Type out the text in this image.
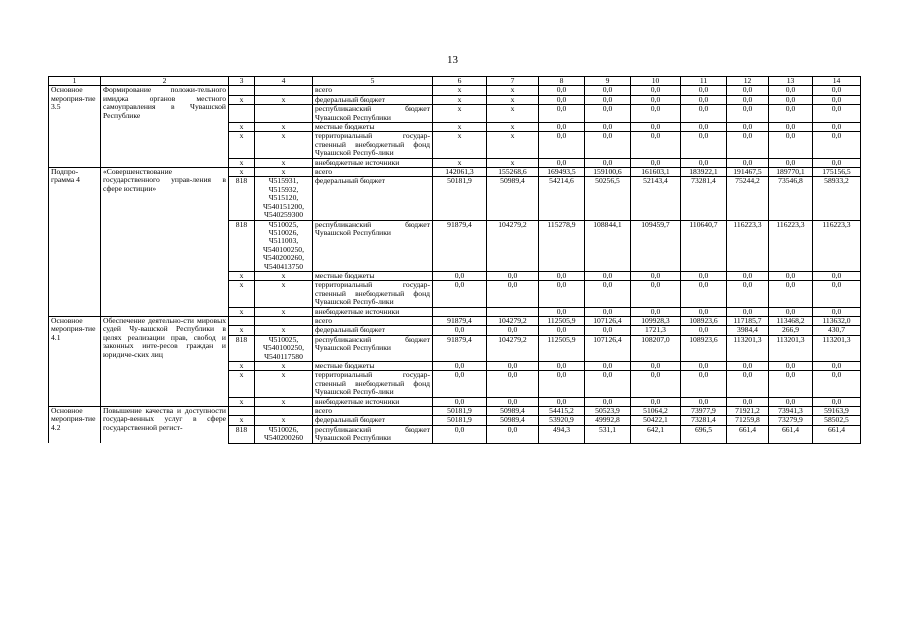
13
1	2	3	4	5	6	7	8	9	10	11	12	13	14
Основное мероприя-тие 3.5	Формирование положи-тельного имиджа органов местного самоуправления в Чувашской Республике			всего	x	x	0,0	0,0	0,0	0,0	0,0	0,0	0,0
		x	x	федеральный бюджет	x	x	0,0	0,0	0,0	0,0	0,0	0,0	0,0
				республиканский бюджет Чувашской Республики	x	x	0,0	0,0	0,0	0,0	0,0	0,0	0,0
		x	x	местные бюджеты	x	x	0,0	0,0	0,0	0,0	0,0	0,0	0,0
		x	x	территориальный государ-ственный внебюджетный фонд Чувашской Респуб-лики	x	x	0,0	0,0	0,0	0,0	0,0	0,0	0,0
		x	x	внебюджетные источники	x	x	0,0	0,0	0,0	0,0	0,0	0,0	0,0
Подпро-грамма 4	«Совершенствование государственного управ-ления в сфере юстиции»	x	x	всего	142061,3	155268,6	169493,5	159100,6	161603,1	183922,1	191467,5	189770,1	175156,5
		818	Ч515931, Ч515932, Ч515120, Ч540151200, Ч540259300	федеральный бюджет	50181,9	50989,4	54214,6	50256,5	52143,4	73281,4	75244,2	73546,8	58933,2
		818	Ч510025, Ч510026, Ч511003, Ч540100250, Ч540200260, Ч540413750	республиканский бюджет Чувашской Республики	91879,4	104279,2	115278,9	108844,1	109459,7	110640,7	116223,3	116223,3	116223,3
		x	x	местные бюджеты	0,0	0,0	0,0	0,0	0,0	0,0	0,0	0,0	0,0
		x	x	территориальный государ-ственный внебюджетный фонд Чувашской Респуб-лики	0,0	0,0	0,0	0,0	0,0	0,0	0,0	0,0	0,0
		x	x	внебюджетные источники			0,0	0,0	0,0	0,0	0,0	0,0	0,0
Основное мероприя-тие 4.1	Обеспечение деятельно-сти мировых судей Чу-вашской Республики в целях реализации прав, свобод и законных инте-ресов граждан и юридиче-ских лиц			всего	91879,4	104279,2	112505,9	107126,4	109928,3	108923,6	117185,7	113468,2	113632,0
		x	x	федеральный бюджет	0,0	0,0	0,0	0,0	1721,3	0,0	3984,4	266,9	430,7
		818	Ч510025, Ч540100250, Ч540117580	республиканский бюджет Чувашской Республики	91879,4	104279,2	112505,9	107126,4	108207,0	108923,6	113201,3	113201,3	113201,3
		x	x	местные бюджеты	0,0	0,0	0,0	0,0	0,0	0,0	0,0	0,0	0,0
		x	x	территориальный государ-ственный внебюджетный фонд Чувашской Респуб-лики	0,0	0,0	0,0	0,0	0,0	0,0	0,0	0,0	0,0
		x	x	внебюджетные источники	0,0	0,0	0,0	0,0	0,0	0,0	0,0	0,0	0,0
Основное мероприя-тие 4.2	Повышение качества и доступности государ-венных услуг в сфере государственной регист-			всего	50181,9	50989,4	54415,2	50523,9	51064,2	73977,9	71921,2	73941,3	59163,9
		x	x	федеральный бюджет	50181,9	50989,4	53920,9	49992,8	50422,1	73281,4	71259,8	73279,9	58502,5
		818	Ч510026, Ч540200260	республиканский бюджет Чувашской Республики	0,0	0,0	494,3	531,1	642,1	696,5	661,4	661,4	661,4
